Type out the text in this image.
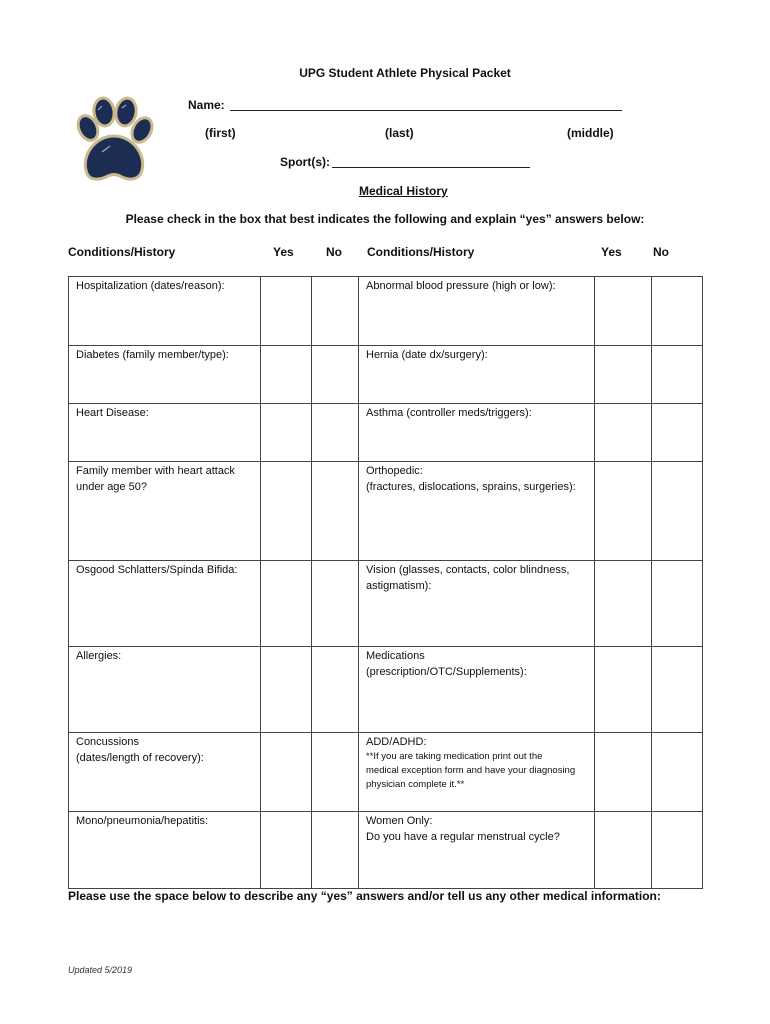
UPG Student Athlete Physical Packet
Name:
(first)	(last)	(middle)
Sport(s):
Medical History
Please check in the box that best indicates the following and explain “yes” answers below:
Conditions/History	Yes	No Conditions/History	Yes	No
Hospitalization (dates/reason):			Abnormal blood pressure (high or low):		

Diabetes (family member/type):			Hernia (date dx/surgery):		

Heart Disease:			Asthma (controller meds/triggers):		

Family member with heart attack
under age 50?			Orthopedic:
(fractures, dislocations, sprains, surgeries):		

Osgood Schlatters/Spinda Bifida:			Vision (glasses, contacts, color blindness,
astigmatism):		

Allergies:			Medications
(prescription/OTC/Supplements):		

Concussions
(dates/length of recovery):			ADD/ADHD:
**If you are taking medication print out the
medical exception form and have your diagnosing
physician complete it.**		

Mono/pneumonia/hepatitis:			Women Only:
Do you have a regular menstrual cycle?		

Please use the space below to describe any “yes” answers and/or tell us any other medical information:
Updated 5/2019
